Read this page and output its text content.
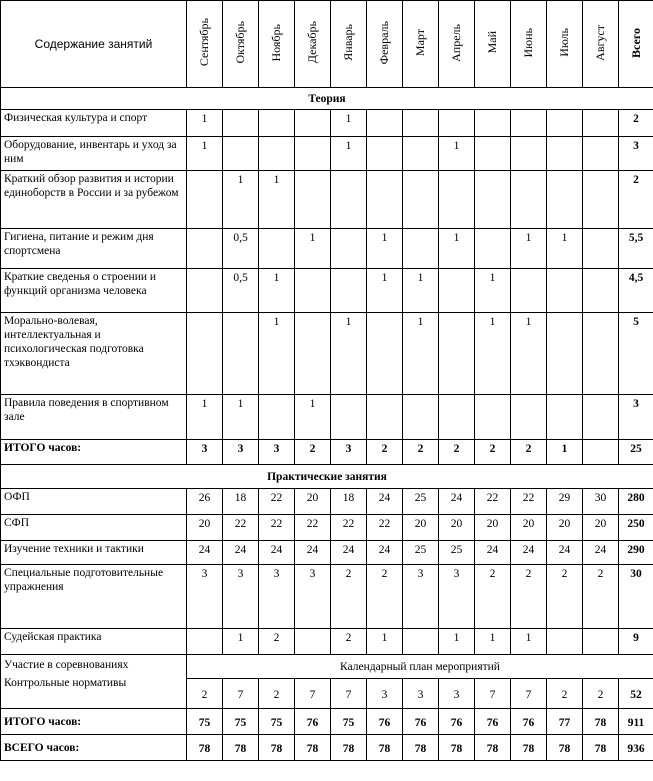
Содержание занятий	Сентябрь	Октябрь	Ноябрь	Декабрь	Январь	Февраль	Март	Апрель	Май	Июнь	Июль	Август	Всего
Теория													
Физическая культура и спорт	1				1								2
Оборудование, инвентарь и уход за ним	1				1			1					3
Краткий обзор развития и истории единоборств в России и за рубежом		1	1										2
Гигиена, питание и режим дня спортсмена		0,5		1		1		1		1	1		5,5
Краткие сведенья о строении и функций организма человека		0,5	1			1	1		1				4,5
Морально-волевая, интеллектуальная и психологическая подготовка тхэквондиста			1		1		1		1	1			5
Правила поведения в спортивном зале	1	1		1									3
ИТОГО часов:	3	3	3	2	3	2	2	2	2	2	1		25
Практические занятия													
ОФП	26	18	22	20	18	24	25	24	22	22	29	30	280
СФП	20	22	22	22	22	22	20	20	20	20	20	20	250
Изучение техники и тактики	24	24	24	24	24	24	25	25	24	24	24	24	290
Специальные подготовительные упражнения	3	3	3	3	2	2	3	3	2	2	2	2	30
Судейская практика		1	2		2	1		1	1	1			9

Участие в соревнованиях
Контрольные нормативы	Календарный план мероприятий												
	2	7	2	7	7	3	3	3	7	7	2	2	52
ИТОГО часов:	75	75	75	76	75	76	76	76	76	76	77	78	911
ВСЕГО часов:	78	78	78	78	78	78	78	78	78	78	78	78	936
